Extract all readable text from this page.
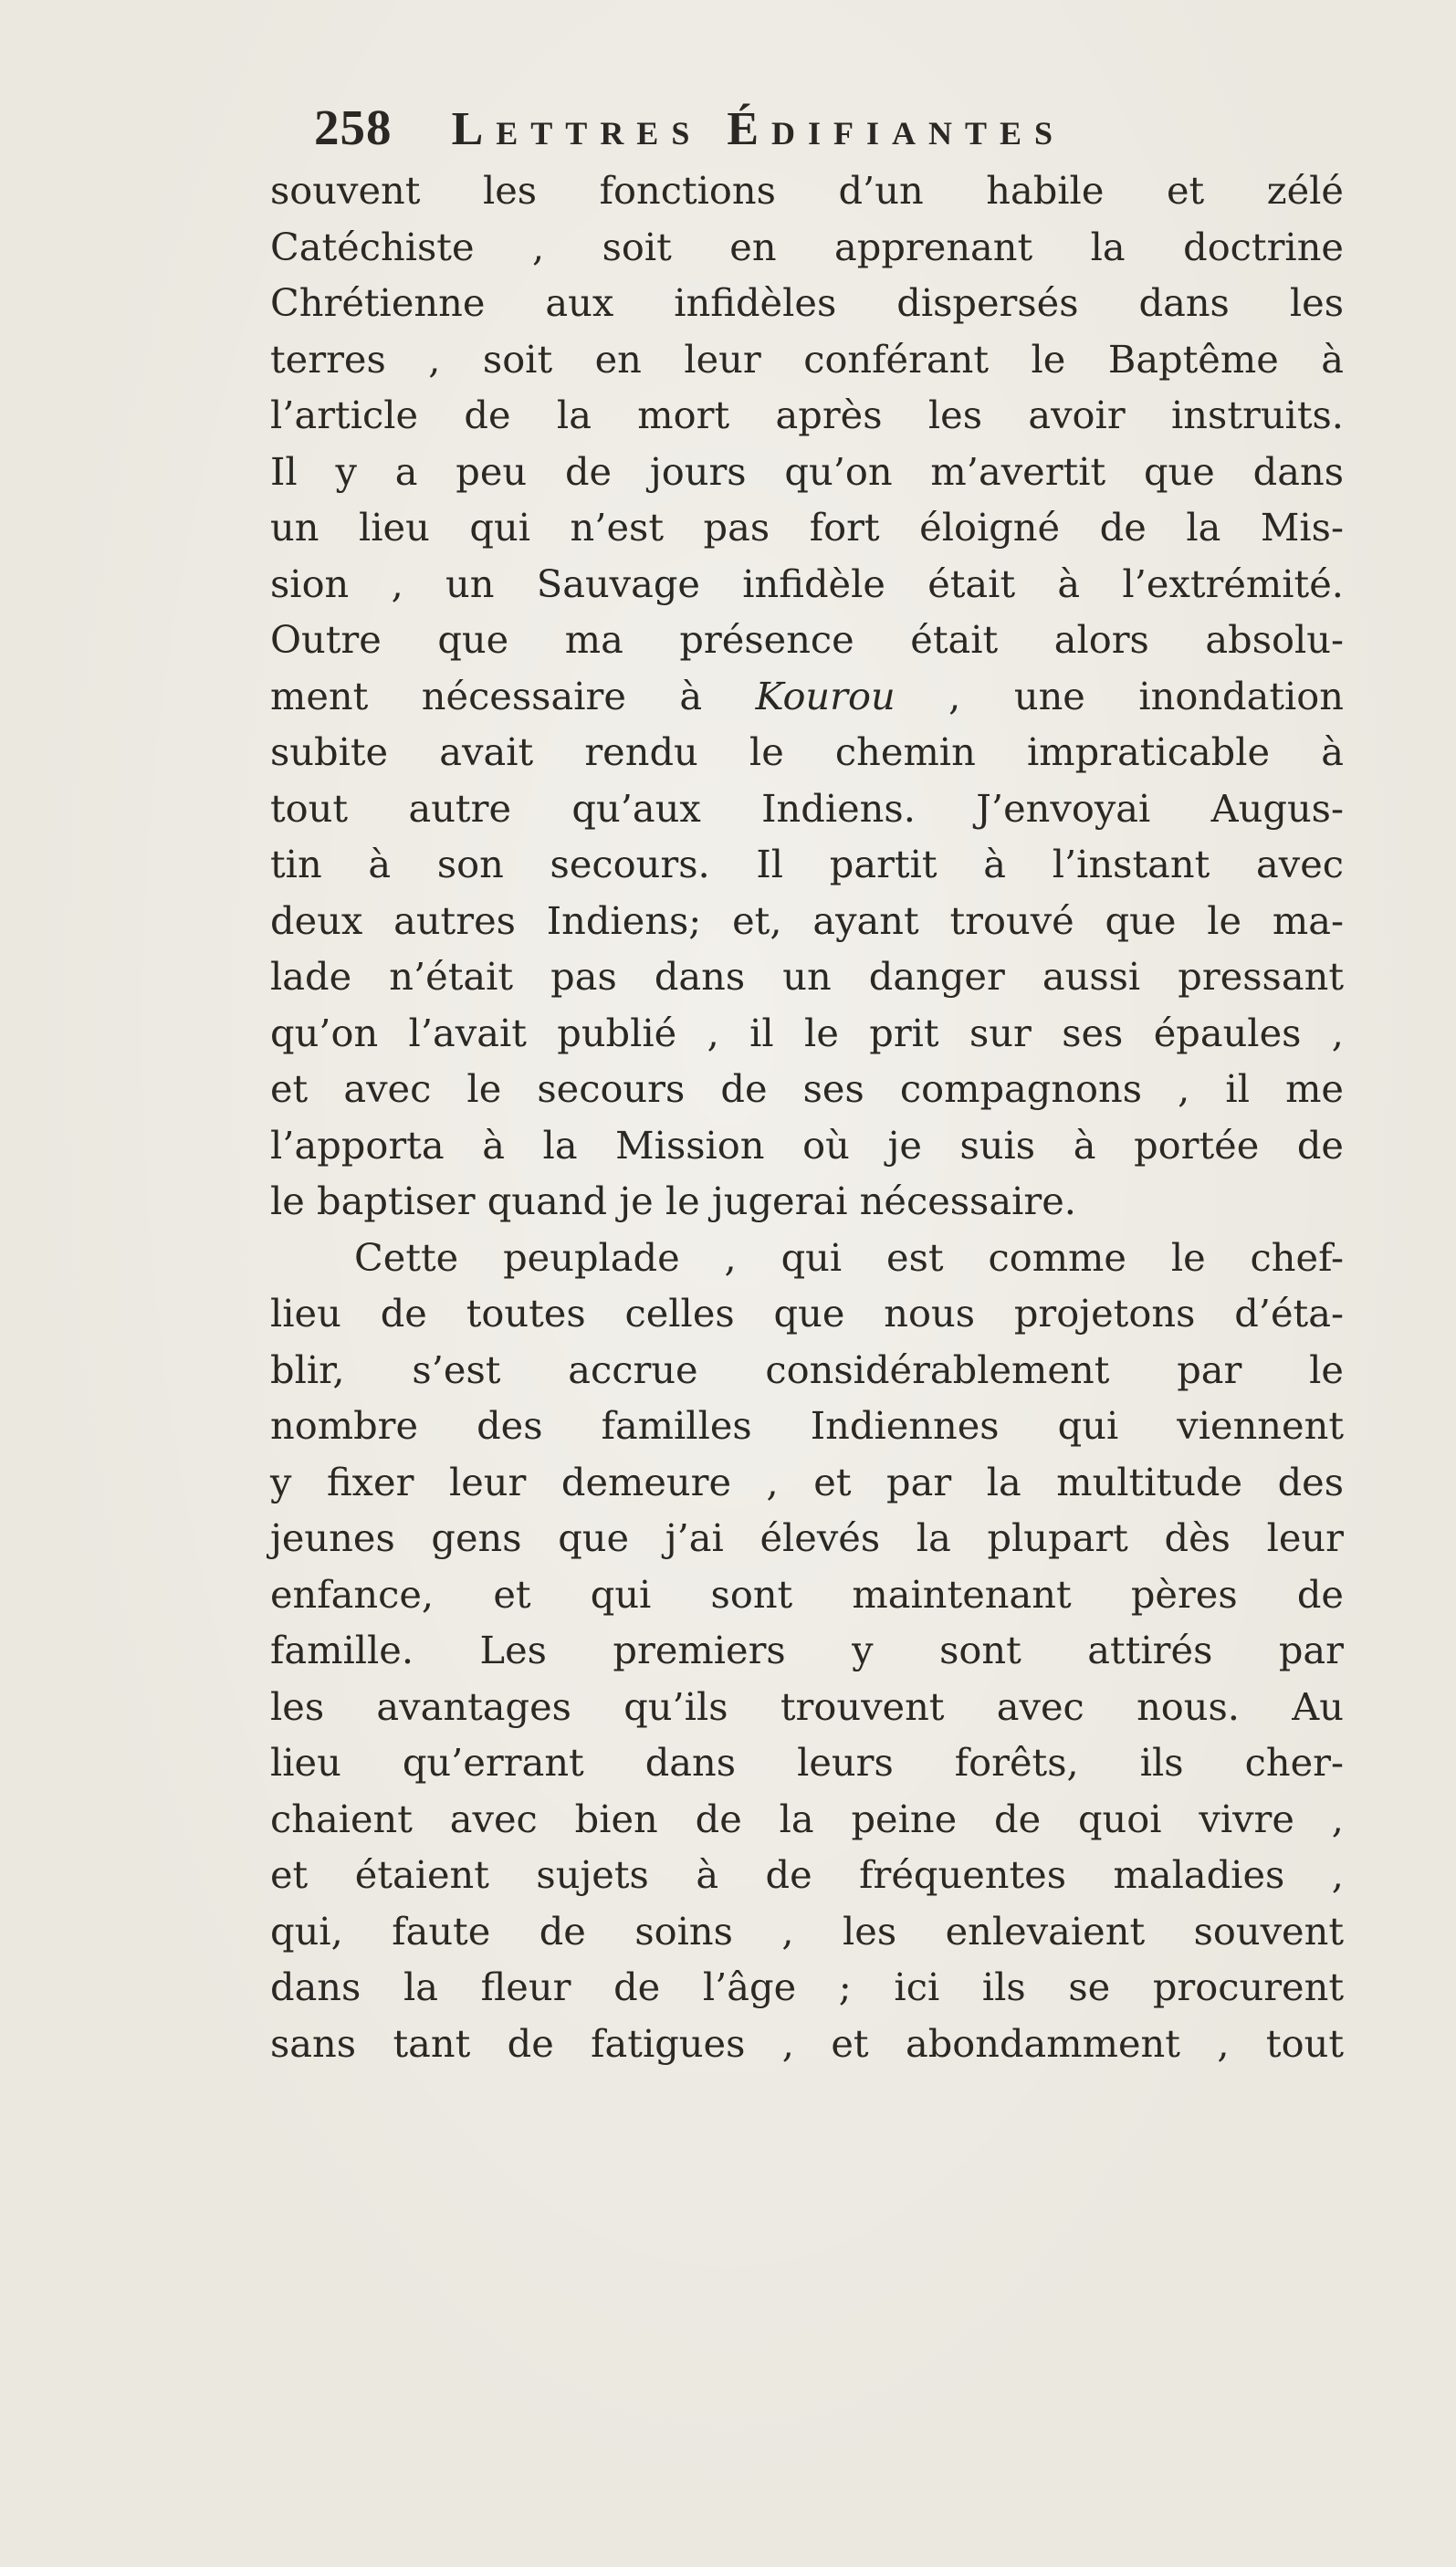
258 Lettres Édifiantes
souvent les fonctions d’un habile et zélé
Catéchiste , soit en apprenant la doctrine
Chrétienne aux infidèles dispersés dans les
terres , soit en leur conférant le Baptême à
l’article de la mort après les avoir instruits.
Il y a peu de jours qu’on m’avertit que dans
un lieu qui n’est pas fort éloigné de la Mis-
sion , un Sauvage infidèle était à l’extrémité.
Outre que ma présence était alors absolu-
ment nécessaire à Kourou , une inondation
subite avait rendu le chemin impraticable à
tout autre qu’aux Indiens. J’envoyai Augus-
tin à son secours. Il partit à l’instant avec
deux autres Indiens; et, ayant trouvé que le ma-
lade n’était pas dans un danger aussi pressant
qu’on l’avait publié , il le prit sur ses épaules ,
et avec le secours de ses compagnons , il me
l’apporta à la Mission où je suis à portée de
le baptiser quand je le jugerai nécessaire.
Cette peuplade , qui est comme le chef-
lieu de toutes celles que nous projetons d’éta-
blir, s’est accrue considérablement par le
nombre des familles Indiennes qui viennent
y fixer leur demeure , et par la multitude des
jeunes gens que j’ai élevés la plupart dès leur
enfance, et qui sont maintenant pères de
famille. Les premiers y sont attirés par
les avantages qu’ils trouvent avec nous. Au
lieu qu’errant dans leurs forêts, ils cher-
chaient avec bien de la peine de quoi vivre ,
et étaient sujets à de fréquentes maladies ,
qui, faute de soins , les enlevaient souvent
dans la fleur de l’âge ; ici ils se procurent
sans tant de fatigues , et abondamment , tout
